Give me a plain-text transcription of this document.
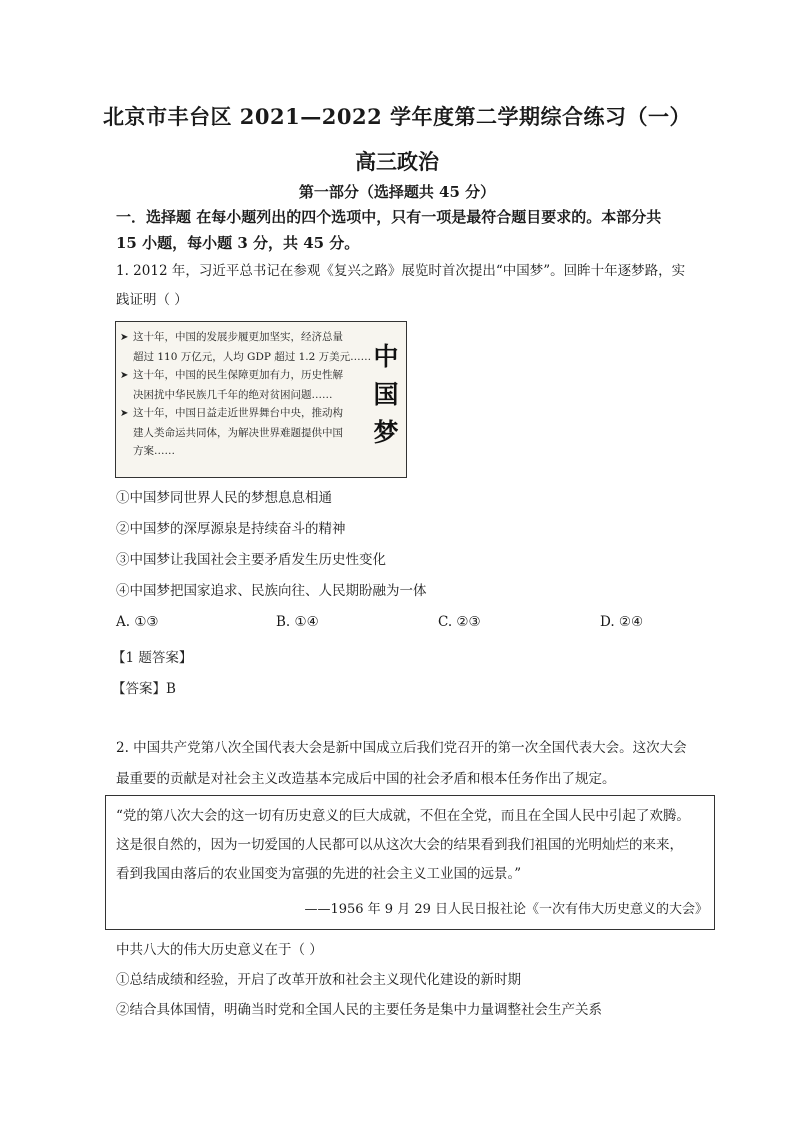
北京市丰台区 2021—2022 学年度第二学期综合练习（一）
高三政治
第一部分（选择题共 45 分）
一．选择题 在每小题列出的四个选项中，只有一项是最符合题目要求的。本部分共
15 小题，每小题 3 分，共 45 分。
1. 2012 年，习近平总书记在参观《复兴之路》展览时首次提出“中国梦”。回眸十年逐梦路，实
践证明（ ）
➤ 这十年，中国的发展步履更加坚实，经济总量
超过 110 万亿元，人均 GDP 超过 1.2 万美元……
➤ 这十年，中国的民生保障更加有力，历史性解
决困扰中华民族几千年的绝对贫困问题……
➤ 这十年，中国日益走近世界舞台中央，推动构
建人类命运共同体，为解决世界难题提供中国
方案……
中
国
梦
①中国梦同世界人民的梦想息息相通
②中国梦的深厚源泉是持续奋斗的精神
③中国梦让我国社会主要矛盾发生历史性变化
④中国梦把国家追求、民族向往、人民期盼融为一体
A. ①③	B. ①④	C. ②③	D. ②④
【1 题答案】
【答案】B
2. 中国共产党第八次全国代表大会是新中国成立后我们党召开的第一次全国代表大会。这次大会
最重要的贡献是对社会主义改造基本完成后中国的社会矛盾和根本任务作出了规定。
“党的第八次大会的这一切有历史意义的巨大成就，不但在全党，而且在全国人民中引起了欢腾。
这是很自然的，因为一切爱国的人民都可以从这次大会的结果看到我们祖国的光明灿烂的来来，
看到我国由落后的农业国变为富强的先进的社会主义工业国的远景。”
——1956 年 9 月 29 日人民日报社论《一次有伟大历史意义的大会》
中共八大的伟大历史意义在于（ ）
①总结成绩和经验，开启了改革开放和社会主义现代化建设的新时期
②结合具体国情，明确当时党和全国人民的主要任务是集中力量调整社会生产关系
